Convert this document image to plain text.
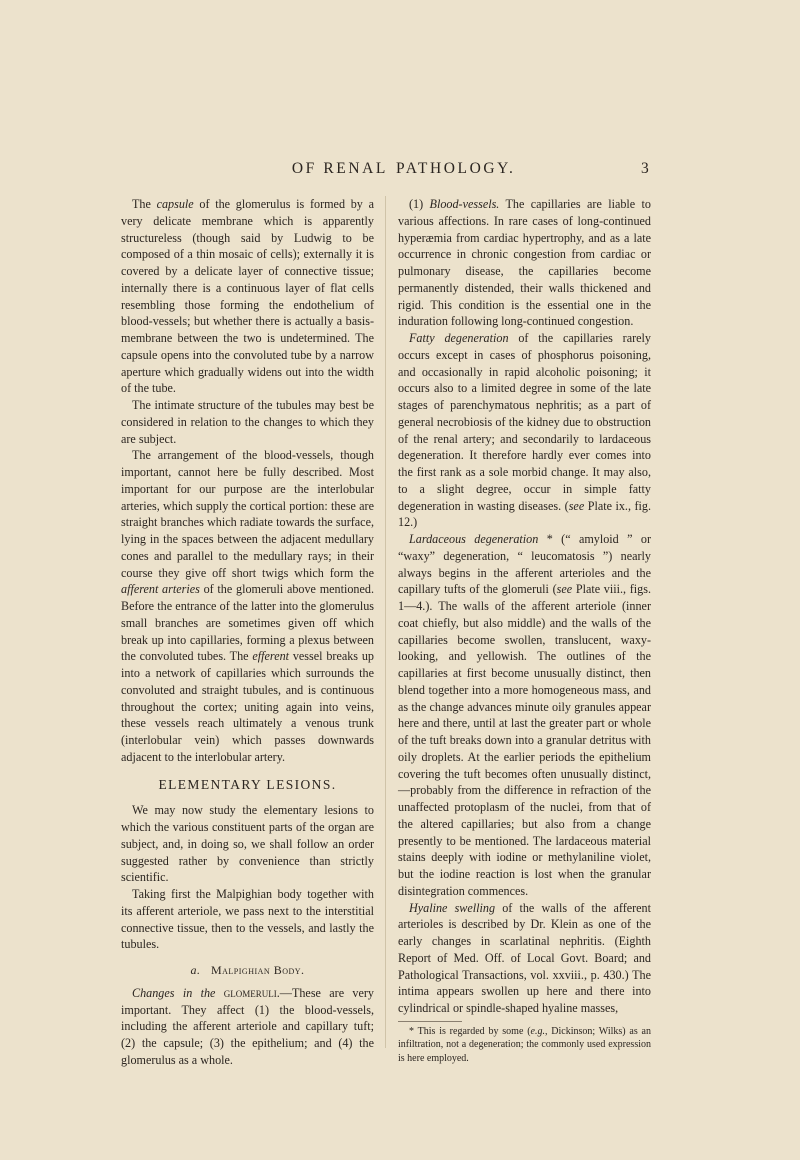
OF RENAL PATHOLOGY.	3

The capsule of the glomerulus is formed by a very delicate membrane which is apparently structureless (though said by Ludwig to be composed of a thin mosaic of cells); externally it is covered by a delicate layer of connective tissue; internally there is a continuous layer of flat cells resembling those forming the endothelium of blood-vessels; but whether there is actually a basis-membrane between the two is undetermined. The capsule opens into the convoluted tube by a narrow aperture which gradually widens out into the width of the tube.

The intimate structure of the tubules may best be considered in relation to the changes to which they are subject.

The arrangement of the blood-vessels, though important, cannot here be fully described. Most important for our purpose are the interlobular arteries, which supply the cortical portion: these are straight branches which radiate towards the surface, lying in the spaces between the adjacent medullary cones and parallel to the medullary rays; in their course they give off short twigs which form the afferent arteries of the glomeruli above mentioned. Before the entrance of the latter into the glomerulus small branches are sometimes given off which break up into capillaries, forming a plexus between the convoluted tubes. The efferent vessel breaks up into a network of capillaries which surrounds the convoluted and straight tubules, and is continuous throughout the cortex; uniting again into veins, these vessels reach ultimately a venous trunk (interlobular vein) which passes downwards adjacent to the interlobular artery.

ELEMENTARY LESIONS.

We may now study the elementary lesions to which the various constituent parts of the organ are subject, and, in doing so, we shall follow an order suggested rather by convenience than strictly scientific.

Taking first the Malpighian body together with its afferent arteriole, we pass next to the interstitial connective tissue, then to the vessels, and lastly the tubules.

a. Malpighian Body.

Changes in the glomeruli.—These are very important. They affect (1) the blood-vessels, including the afferent arteriole and capillary tuft; (2) the capsule; (3) the epithelium; and (4) the glomerulus as a whole.

(1) Blood-vessels. The capillaries are liable to various affections. In rare cases of long-continued hyperæmia from cardiac hypertrophy, and as a late occurrence in chronic congestion from cardiac or pulmonary disease, the capillaries become permanently distended, their walls thickened and rigid. This condition is the essential one in the induration following long-continued congestion.

Fatty degeneration of the capillaries rarely occurs except in cases of phosphorus poisoning, and occasionally in rapid alcoholic poisoning; it occurs also to a limited degree in some of the late stages of parenchymatous nephritis; as a part of general necrobiosis of the kidney due to obstruction of the renal artery; and secondarily to lardaceous degeneration. It therefore hardly ever comes into the first rank as a sole morbid change. It may also, to a slight degree, occur in simple fatty degeneration in wasting diseases. (see Plate ix., fig. 12.)

Lardaceous degeneration * (“ amyloid ” or “waxy” degeneration, “ leucomatosis ”) nearly always begins in the afferent arterioles and the capillary tufts of the glomeruli (see Plate viii., figs. 1—4.). The walls of the afferent arteriole (inner coat chiefly, but also middle) and the walls of the capillaries become swollen, translucent, waxy-looking, and yellowish. The outlines of the capillaries at first become unusually distinct, then blend together into a more homogeneous mass, and as the change advances minute oily granules appear here and there, until at last the greater part or whole of the tuft breaks down into a granular detritus with oily droplets. At the earlier periods the epithelium covering the tuft becomes often unusually distinct,—probably from the difference in refraction of the unaffected protoplasm of the nuclei, from that of the altered capillaries; but also from a change presently to be mentioned. The lardaceous material stains deeply with iodine or methylaniline violet, but the iodine reaction is lost when the granular disintegration commences.

Hyaline swelling of the walls of the afferent arterioles is described by Dr. Klein as one of the early changes in scarlatinal nephritis. (Eighth Report of Med. Off. of Local Govt. Board; and Pathological Transactions, vol. xxviii., p. 430.) The intima appears swollen up here and there into cylindrical or spindle-shaped hyaline masses,

* This is regarded by some (e.g., Dickinson; Wilks) as an infiltration, not a degeneration; the commonly used expression is here employed.
